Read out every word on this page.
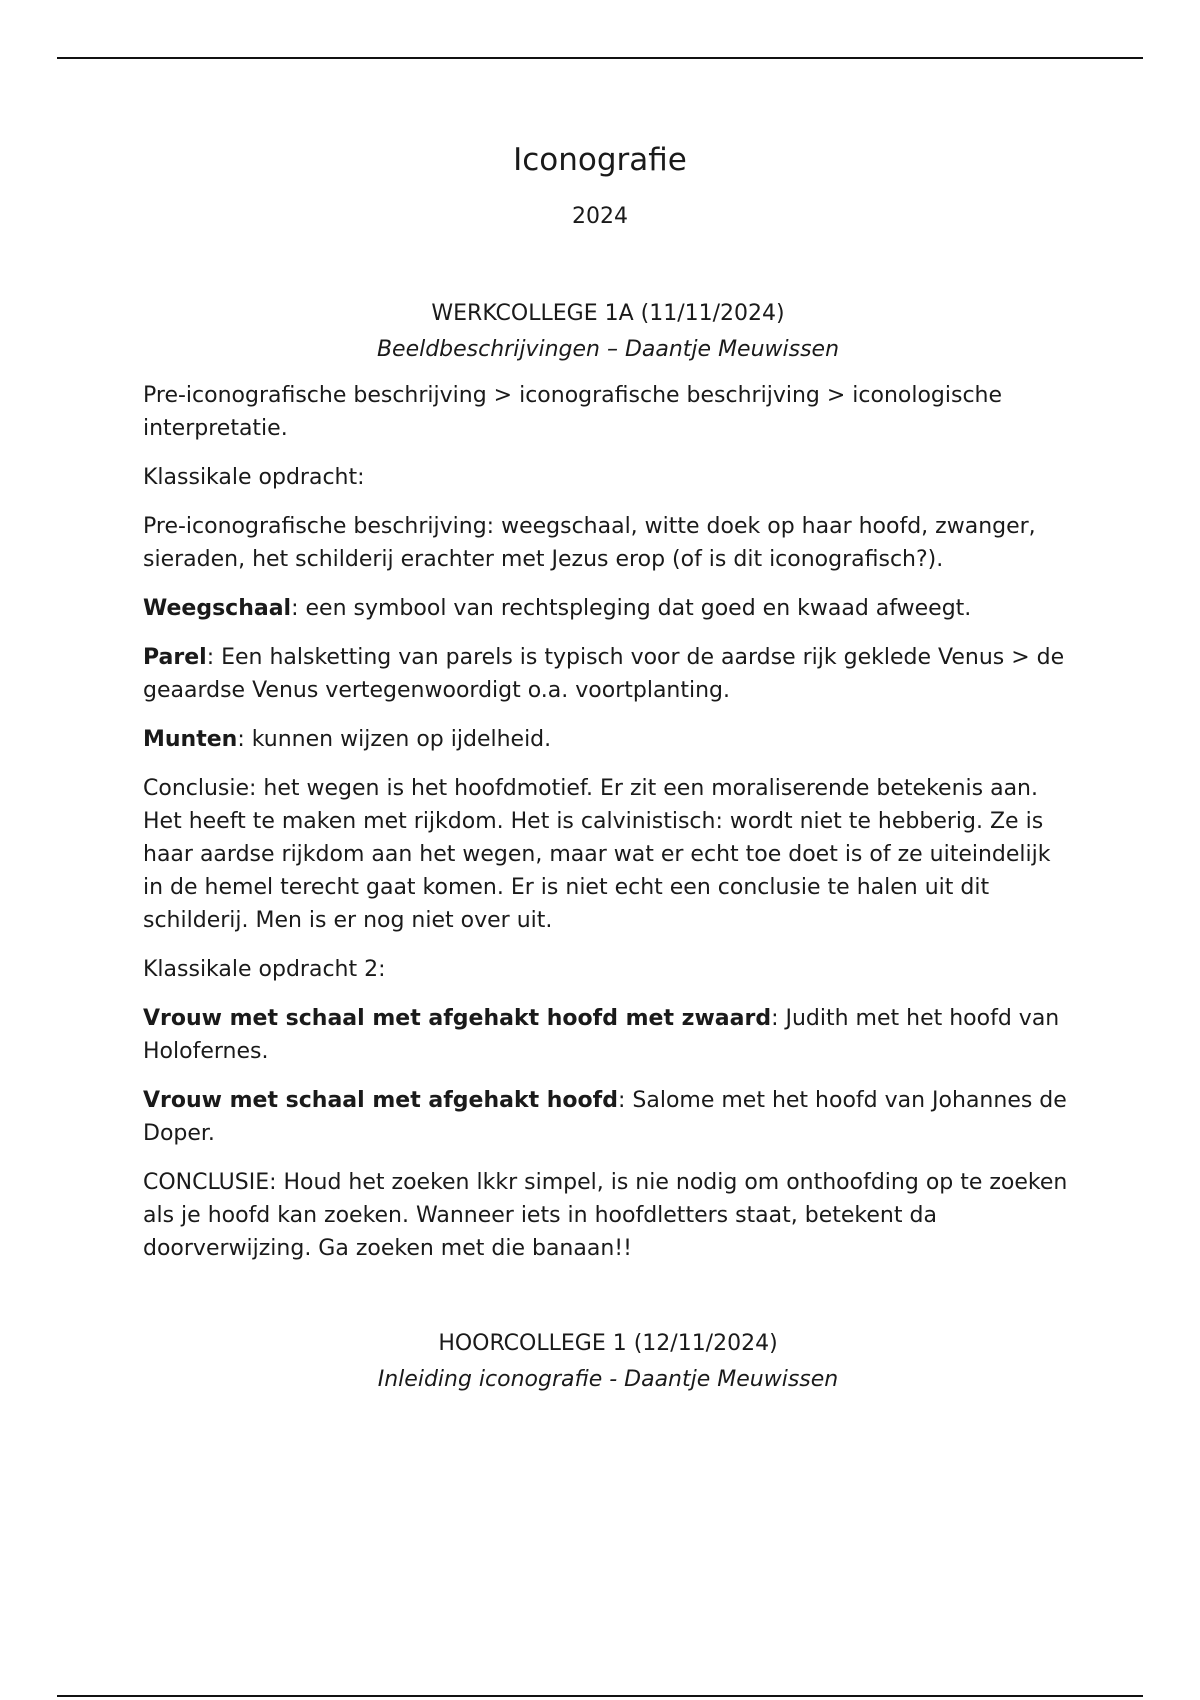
Iconografie
2024
WERKCOLLEGE 1A (11/11/2024)
Beeldbeschrijvingen – Daantje Meuwissen

Pre-iconografische beschrijving > iconografische beschrijving > iconologische interpretatie.

Klassikale opdracht:

Pre-iconografische beschrijving: weegschaal, witte doek op haar hoofd, zwanger, sieraden, het schilderij erachter met Jezus erop (of is dit iconografisch?).

Weegschaal: een symbool van rechtspleging dat goed en kwaad afweegt.

Parel: Een halsketting van parels is typisch voor de aardse rijk geklede Venus > de geaardse Venus vertegenwoordigt o.a. voortplanting.

Munten: kunnen wijzen op ijdelheid.

Conclusie: het wegen is het hoofdmotief. Er zit een moraliserende betekenis aan. Het heeft te maken met rijkdom. Het is calvinistisch: wordt niet te hebberig. Ze is haar aardse rijkdom aan het wegen, maar wat er echt toe doet is of ze uiteindelijk in de hemel terecht gaat komen. Er is niet echt een conclusie te halen uit dit schilderij. Men is er nog niet over uit.

Klassikale opdracht 2:

Vrouw met schaal met afgehakt hoofd met zwaard: Judith met het hoofd van Holofernes.

Vrouw met schaal met afgehakt hoofd: Salome met het hoofd van Johannes de Doper.

CONCLUSIE: Houd het zoeken lkkr simpel, is nie nodig om onthoofding op te zoeken als je hoofd kan zoeken. Wanneer iets in hoofdletters staat, betekent da doorverwijzing. Ga zoeken met die banaan!!

HOORCOLLEGE 1 (12/11/2024)
Inleiding iconografie - Daantje Meuwissen
